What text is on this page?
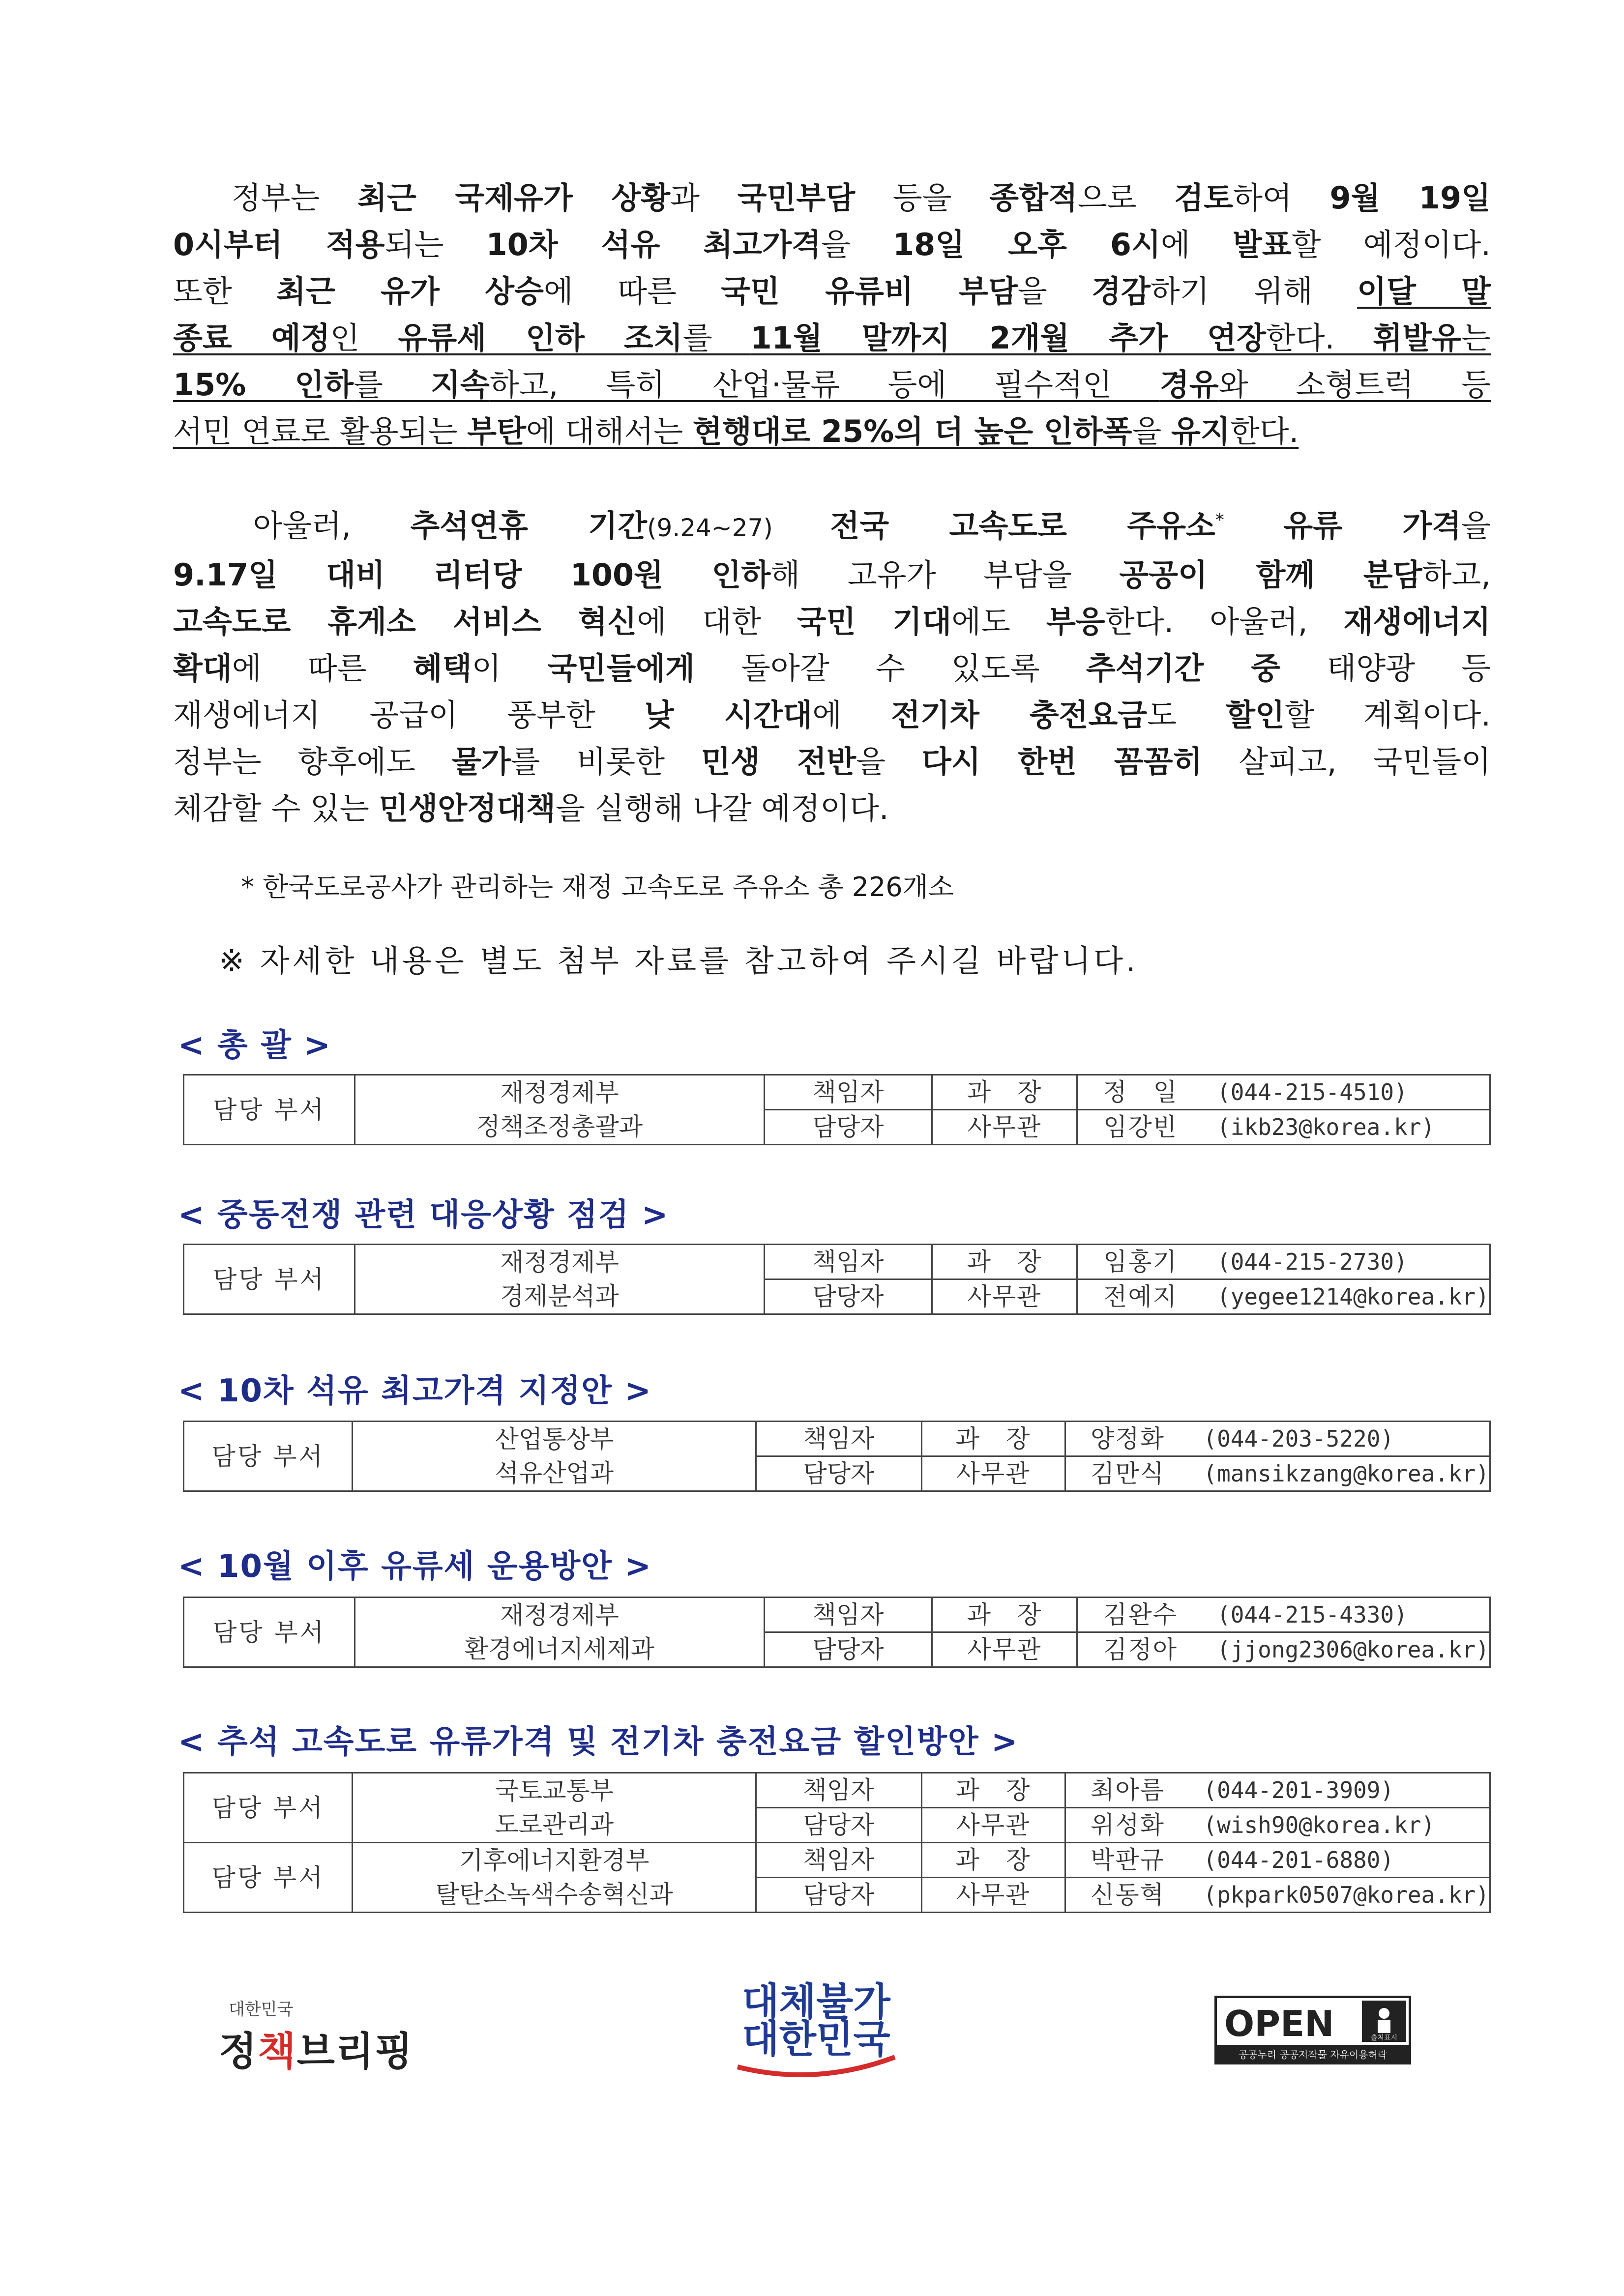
　정부는 최근 국제유가 상황과 국민부담 등을 종합적으로 검토하여 9월 19일
0시부터 적용되는 10차 석유 최고가격을 18일 오후 6시에 발표할 예정이다.
또한 최근 유가 상승에 따른 국민 유류비 부담을 경감하기 위해 이달 말
종료 예정인 유류세 인하 조치를 11월 말까지 2개월 추가 연장한다. 휘발유는
15% 인하를 지속하고, 특히 산업·물류 등에 필수적인 경유와 소형트럭 등
서민 연료로 활용되는 부탄에 대해서는 현행대로 25%의 더 높은 인하폭을 유지한다.
　아울러, 추석연휴 기간(9.24~27) 전국 고속도로 주유소* 유류 가격을
9.17일 대비 리터당 100원 인하해 고유가 부담을 공공이 함께 분담하고,
고속도로 휴게소 서비스 혁신에 대한 국민 기대에도 부응한다. 아울러, 재생에너지
확대에 따른 혜택이 국민들에게 돌아갈 수 있도록 추석기간 중 태양광 등
재생에너지 공급이 풍부한 낮 시간대에 전기차 충전요금도 할인할 계획이다.
정부는 향후에도 물가를 비롯한 민생 전반을 다시 한번 꼼꼼히 살피고, 국민들이
체감할 수 있는 민생안정대책을 실행해 나갈 예정이다.
* 한국도로공사가 관리하는 재정 고속도로 주유소 총 226개소
※ 자세한 내용은 별도 첨부 자료를 참고하여 주시길 바랍니다.
< 총 괄 >
담당 부서	재정경제부	책임자	과　장	정　일	(044-215-4510)
	정책조정총괄과	담당자	사무관	임강빈	(ikb23@korea.kr)
< 중동전쟁 관련 대응상황 점검 >
담당 부서	재정경제부	책임자	과　장	임홍기	(044-215-2730)
	경제분석과	담당자	사무관	전예지	(yegee1214@korea.kr)
< 10차 석유 최고가격 지정안 >
담당 부서	산업통상부	책임자	과　장	양정화	(044-203-5220)
	석유산업과	담당자	사무관	김만식	(mansikzang@korea.kr)
< 10월 이후 유류세 운용방안 >
담당 부서	재정경제부	책임자	과　장	김완수	(044-215-4330)
	환경에너지세제과	담당자	사무관	김정아	(jjong2306@korea.kr)
< 추석 고속도로 유류가격 및 전기차 충전요금 할인방안 >
담당 부서	국토교통부	책임자	과　장	최아름	(044-201-3909)
	도로관리과	담당자	사무관	위성화	(wish90@korea.kr)
담당 부서	기후에너지환경부	책임자	과　장	박판규	(044-201-6880)
	탈탄소녹색수송혁신과	담당자	사무관	신동혁	(pkpark0507@korea.kr)
대한민국
정책브리핑
대체불가
대한민국	OPEN	출처표시
공공누리 공공저작물 자유이용허락
